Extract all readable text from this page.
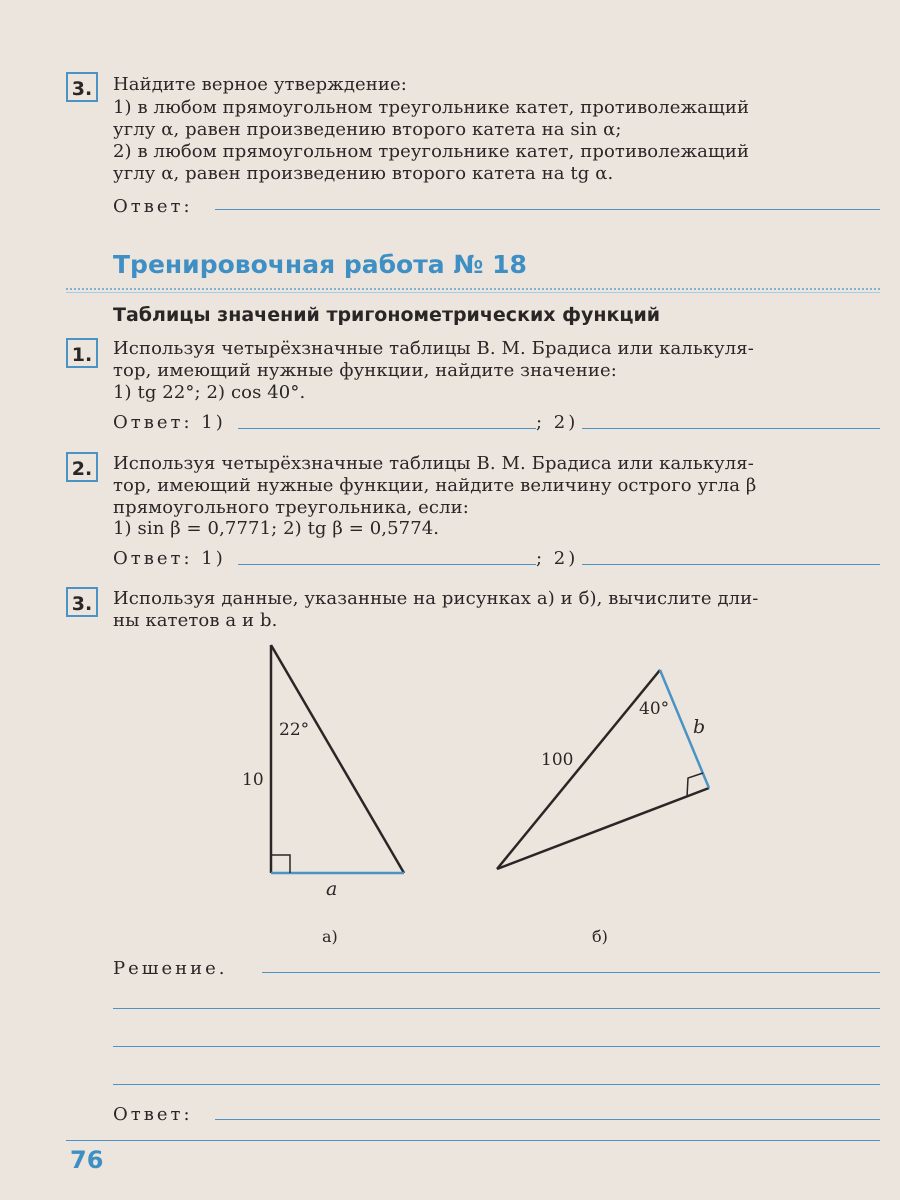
3.	Найдите верное утверждение:
1) в любом прямоугольном треугольнике катет, противолежащий
углу α, равен произведению второго катета на sin α;
2) в любом прямоугольном треугольнике катет, противолежащий
углу α, равен произведению второго катета на tg α.
Ответ:
Тренировочная работа № 18
Таблицы значений тригонометрических функций
1.	Используя четырёхзначные таблицы В. М. Брадиса или калькуля-
тор, имеющий нужные функции, найдите значение:
1) tg 22°; 2) cos 40°.
Ответ: 1)	; 2)
2.	Используя четырёхзначные таблицы В. М. Брадиса или калькуля-
тор, имеющий нужные функции, найдите величину острого угла β
прямоугольного треугольника, если:
1) sin β = 0,7771; 2) tg β = 0,5774.
Ответ: 1)	; 2)
3.	Используя данные, указанные на рисунках а) и б), вычислите дли-
ны катетов a и b.
22°
10
a
а)
40°
100
b
б)
Решение.
Ответ:
76
